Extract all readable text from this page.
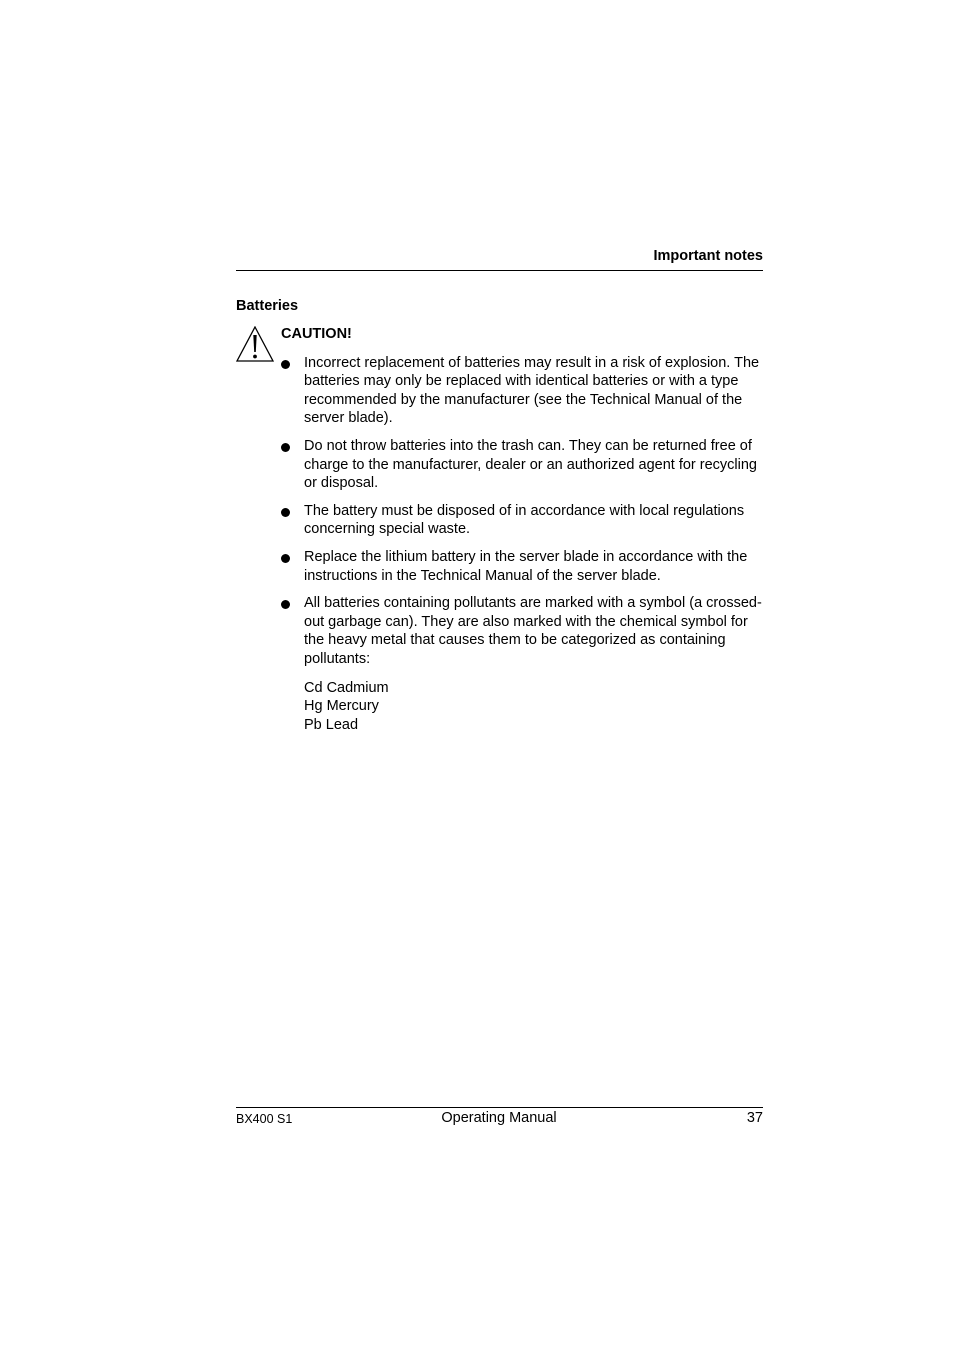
Important notes
Batteries
CAUTION!
Incorrect replacement of batteries may result in a risk of explosion. The batteries may only be replaced with identical batteries or with a type recommended by the manufacturer (see the Technical Manual of the server blade).
Do not throw batteries into the trash can. They can be returned free of charge to the manufacturer, dealer or an authorized agent for recycling or disposal.
The battery must be disposed of in accordance with local regulations concerning special waste.
Replace the lithium battery in the server blade in accordance with the instructions in the Technical Manual of the server blade.
All batteries containing pollutants are marked with a symbol (a crossed-out garbage can). They are also marked with the chemical symbol for the heavy metal that causes them to be categorized as containing pollutants:
Cd Cadmium
Hg Mercury
Pb Lead
BX400 S1	Operating Manual	37
